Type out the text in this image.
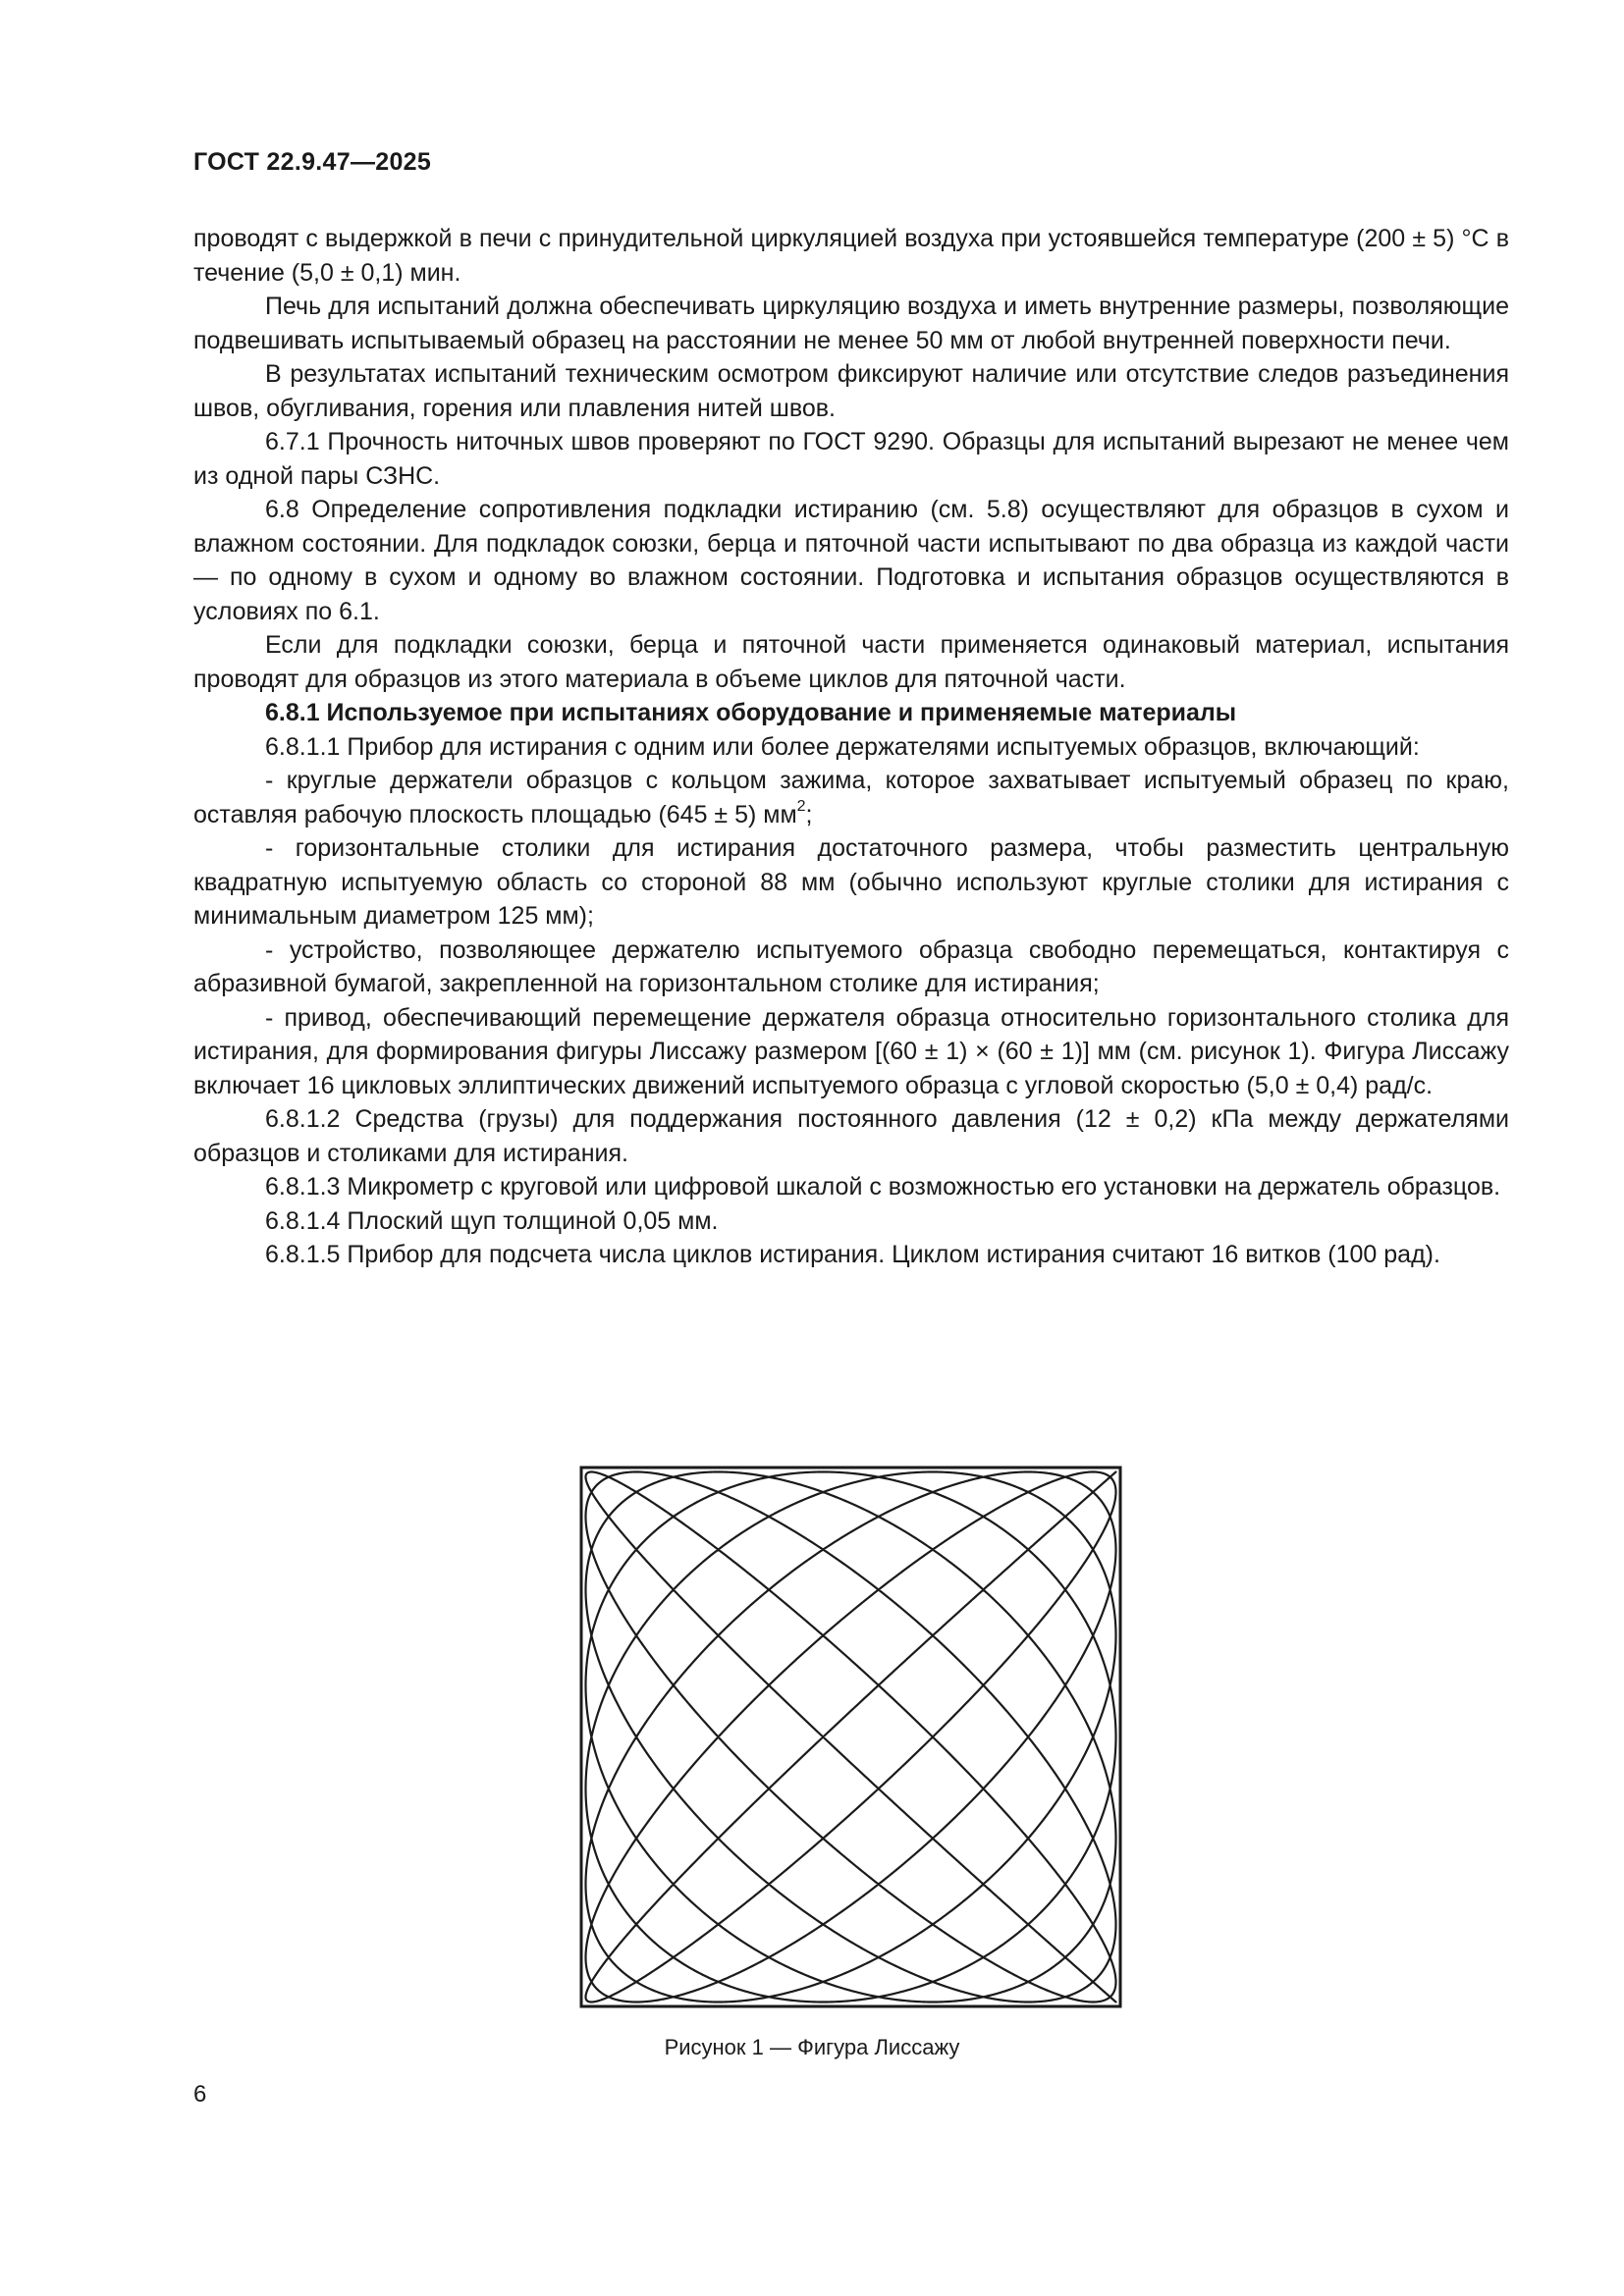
ГОСТ 22.9.47—2025

проводят с выдержкой в печи с принудительной циркуляцией воздуха при устоявшейся температуре (200 ± 5) °С в течение (5,0 ± 0,1) мин.

Печь для испытаний должна обеспечивать циркуляцию воздуха и иметь внутренние размеры, позволяющие подвешивать испытываемый образец на расстоянии не менее 50 мм от любой внутренней поверхности печи.

В результатах испытаний техническим осмотром фиксируют наличие или отсутствие следов разъединения швов, обугливания, горения или плавления нитей швов.

6.7.1 Прочность ниточных швов проверяют по ГОСТ 9290. Образцы для испытаний вырезают не менее чем из одной пары СЗНС.

6.8 Определение сопротивления подкладки истиранию (см. 5.8) осуществляют для образцов в сухом и влажном состоянии. Для подкладок союзки, берца и пяточной части испытывают по два образца из каждой части — по одному в сухом и одному во влажном состоянии. Подготовка и испытания образцов осуществляются в условиях по 6.1.

Если для подкладки союзки, берца и пяточной части применяется одинаковый материал, испытания проводят для образцов из этого материала в объеме циклов для пяточной части.

6.8.1 Используемое при испытаниях оборудование и применяемые материалы

6.8.1.1 Прибор для истирания с одним или более держателями испытуемых образцов, включающий:

- круглые держатели образцов с кольцом зажима, которое захватывает испытуемый образец по краю, оставляя рабочую плоскость площадью (645 ± 5) $мм^2$;

- горизонтальные столики для истирания достаточного размера, чтобы разместить центральную квадратную испытуемую область со стороной 88 мм (обычно используют круглые столики для истирания с минимальным диаметром 125 мм);

- устройство, позволяющее держателю испытуемого образца свободно перемещаться, контактируя с абразивной бумагой, закрепленной на горизонтальном столике для истирания;

- привод, обеспечивающий перемещение держателя образца относительно горизонтального столика для истирания, для формирования фигуры Лиссажу размером [(60 ± 1) × (60 ± 1)] мм (см. рисунок 1). Фигура Лиссажу включает 16 цикловых эллиптических движений испытуемого образца с угловой скоростью (5,0 ± 0,4) рад/с.

6.8.1.2 Средства (грузы) для поддержания постоянного давления (12 ± 0,2) кПа между держателями образцов и столиками для истирания.

6.8.1.3 Микрометр с круговой или цифровой шкалой с возможностью его установки на держатель образцов.

6.8.1.4 Плоский щуп толщиной 0,05 мм.

6.8.1.5 Прибор для подсчета числа циклов истирания. Циклом истирания считают 16 витков (100 рад).

Рисунок 1 — Фигура Лиссажу
6
